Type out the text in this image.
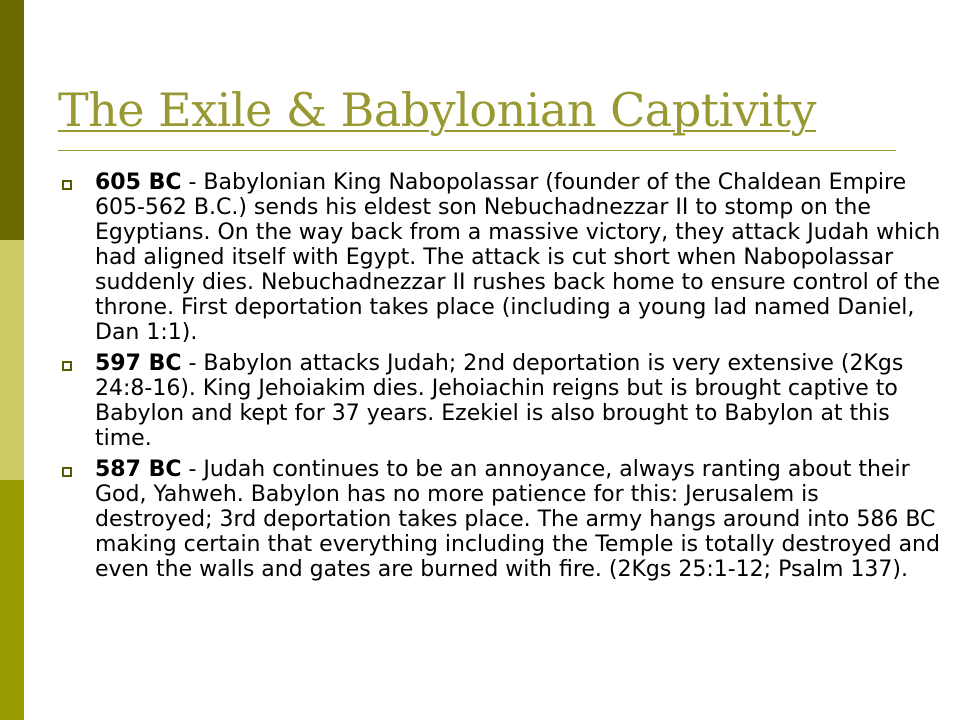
The Exile & Babylonian Captivity

605 BC - Babylonian King Nabopolassar (founder of the Chaldean Empire 605-562 B.C.) sends his eldest son Nebuchadnezzar II to stomp on the Egyptians. On the way back from a massive victory, they attack Judah which had aligned itself with Egypt. The attack is cut short when Nabopolassar suddenly dies. Nebuchadnezzar II rushes back home to ensure control of the throne. First deportation takes place (including a young lad named Daniel, Dan 1:1).

597 BC - Babylon attacks Judah; 2nd deportation is very extensive (2Kgs 24:8-16). King Jehoiakim dies. Jehoiachin reigns but is brought captive to Babylon and kept for 37 years. Ezekiel is also brought to Babylon at this time.

587 BC - Judah continues to be an annoyance, always ranting about their God, Yahweh. Babylon has no more patience for this: Jerusalem is destroyed; 3rd deportation takes place. The army hangs around into 586 BC making certain that everything including the Temple is totally destroyed and even the walls and gates are burned with fire. (2Kgs 25:1-12; Psalm 137).
